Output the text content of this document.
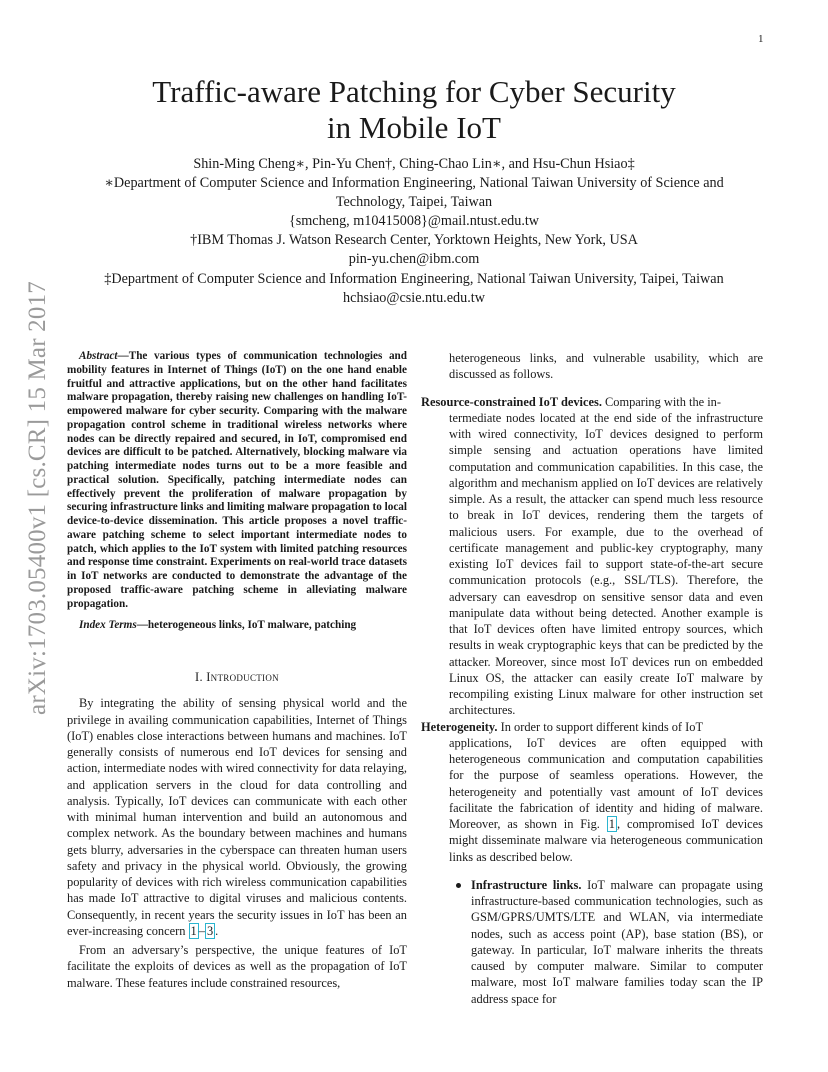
1
arXiv:1703.05400v1 [cs.CR] 15 Mar 2017
Traffic-aware Patching for Cyber Security
in Mobile IoT
Shin-Ming Cheng∗, Pin-Yu Chen†, Ching-Chao Lin∗, and Hsu-Chun Hsiao‡
∗Department of Computer Science and Information Engineering, National Taiwan University of Science and
Technology, Taipei, Taiwan
{smcheng, m10415008}@mail.ntust.edu.tw
†IBM Thomas J. Watson Research Center, Yorktown Heights, New York, USA
pin-yu.chen@ibm.com
‡Department of Computer Science and Information Engineering, National Taiwan University, Taipei, Taiwan
hchsiao@csie.ntu.edu.tw

Abstract—The various types of communication technologies and mobility features in Internet of Things (IoT) on the one hand enable fruitful and attractive applications, but on the other hand facilitates malware propagation, thereby raising new challenges on handling IoT-empowered malware for cyber security. Comparing with the malware propagation control scheme in traditional wireless networks where nodes can be directly repaired and secured, in IoT, compromised end devices are difficult to be patched. Alternatively, blocking malware via patching intermediate nodes turns out to be a more feasible and practical solution. Specifically, patching intermediate nodes can effectively prevent the proliferation of malware propagation by securing infrastructure links and limiting malware propagation to local device-to-device dissemination. This article proposes a novel traffic-aware patching scheme to select important intermediate nodes to patch, which applies to the IoT system with limited patching resources and response time constraint. Experiments on real-world trace datasets in IoT networks are conducted to demonstrate the advantage of the proposed traffic-aware patching scheme in alleviating malware propagation.

Index Terms—heterogeneous links, IoT malware, patching

I. Introduction

By integrating the ability of sensing physical world and the privilege in availing communication capabilities, Internet of Things (IoT) enables close interactions between humans and machines. IoT generally consists of numerous end IoT devices for sensing and action, intermediate nodes with wired connectivity for data relaying, and application servers in the cloud for data controlling and analysis. Typically, IoT devices can communicate with each other with minimal human intervention and build an autonomous and complex network. As the boundary between machines and humans gets blurry, adversaries in the cyberspace can threaten human users safety and privacy in the physical world. Obviously, the growing popularity of devices with rich wireless communication capabilities has made IoT attractive to digital viruses and malicious contents. Consequently, in recent years the security issues in IoT has been an ever-increasing concern 1 – 3 .

From an adversary’s perspective, the unique features of IoT facilitate the exploits of devices as well as the propagation of IoT malware. These features include constrained resources,

heterogeneous links, and vulnerable usability, which are discussed as follows.

Resource-constrained IoT devices. Comparing with the in-
termediate nodes located at the end side of the infrastructure with wired connectivity, IoT devices designed to perform simple sensing and actuation operations have limited computation and communication capabilities. In this case, the algorithm and mechanism applied on IoT devices are relatively simple. As a result, the attacker can spend much less resource to break in IoT devices, rendering them the targets of malicious users. For example, due to the overhead of certificate management and public-key cryptography, many existing IoT devices fail to support state-of-the-art secure communication protocols (e.g., SSL/TLS). Therefore, the adversary can eavesdrop on sensitive sensor data and even manipulate data without being detected. Another example is that IoT devices often have limited entropy sources, which results in weak cryptographic keys that can be predicted by the attacker. Moreover, since most IoT devices run on embedded Linux OS, the attacker can easily create IoT malware by recompiling existing Linux malware for other instruction set architectures.
Heterogeneity. In order to support different kinds of IoT
applications, IoT devices are often equipped with heterogeneous communication and computation capabilities for the purpose of seamless operations. However, the heterogeneity and potentially vast amount of IoT devices facilitate the fabrication of identity and hiding of malware. Moreover, as shown in Fig. 1 , compromised IoT devices might disseminate malware via heterogeneous communication links as described below.
Infrastructure links. IoT malware can propagate using infrastructure-based communication technologies, such as GSM/GPRS/UMTS/LTE and WLAN, via intermediate nodes, such as access point (AP), base station (BS), or gateway. In particular, IoT malware inherits the threats caused by computer malware. Similar to computer malware, most IoT malware families today scan the IP address space for
